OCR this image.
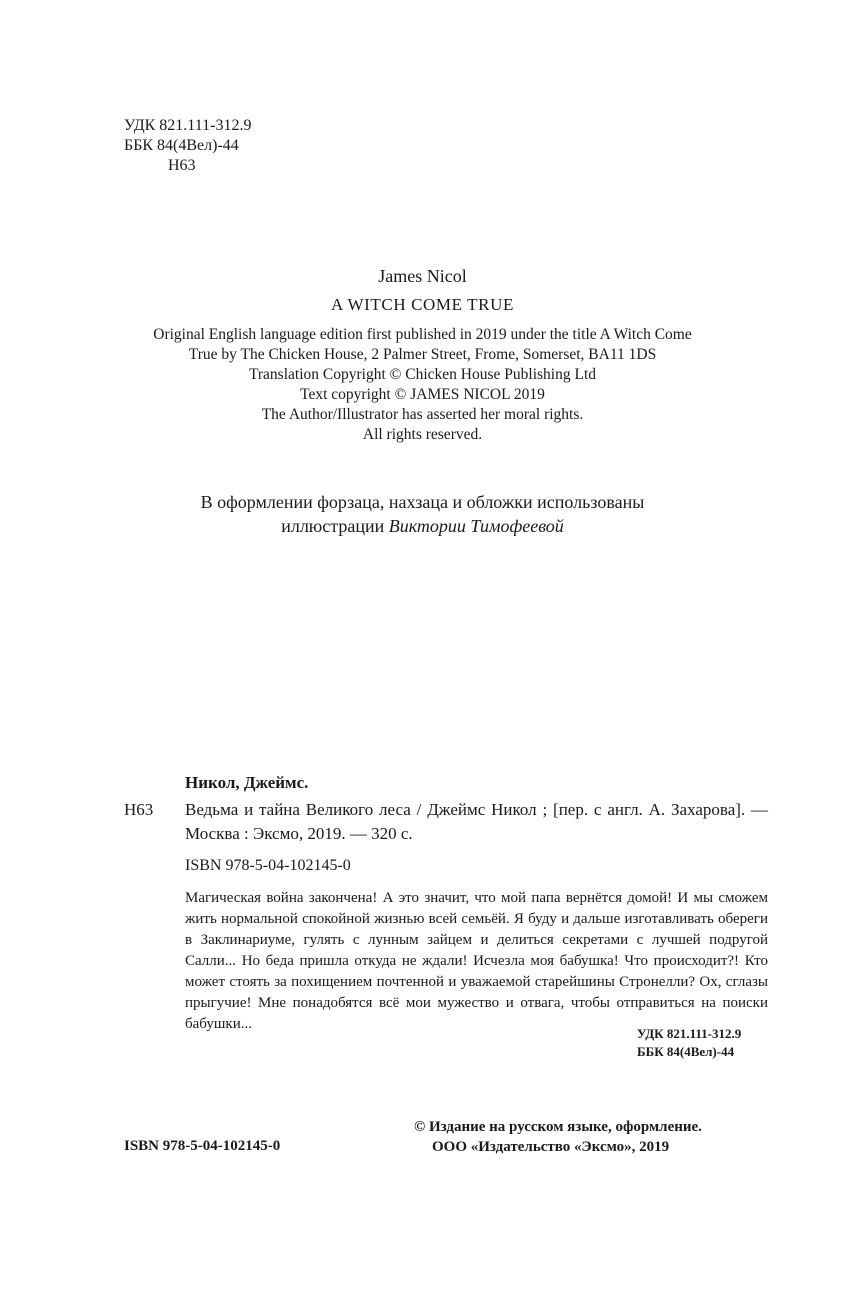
УДК 821.111-312.9
ББК 84(4Вел)-44
Н63
James Nicol
A WITCH COME TRUE
Original English language edition first published in 2019 under the title A Witch Come
True by The Chicken House, 2 Palmer Street, Frome, Somerset, BA11 1DS
Translation Copyright © Chicken House Publishing Ltd
Text copyright © JAMES NICOL 2019
The Author/Illustrator has asserted her moral rights.
All rights reserved.
В оформлении форзаца, нахзаца и обложки использованы
иллюстрации Виктории Тимофеевой
Никол, Джеймс.
Н63 Ведьма и тайна Великого леса / Джеймс Никол ; [пер. с англ. А. Захарова]. — Москва : Эксмо, 2019. — 320 с.
ISBN 978-5-04-102145-0
Магическая война закончена! А это значит, что мой папа вернётся домой! И мы сможем жить нормальной спокойной жизнью всей семьёй. Я буду и дальше изготавливать обереги в Заклинариуме, гулять с лунным зайцем и делиться секретами с лучшей подругой Салли... Но беда пришла откуда не ждали! Исчезла моя бабушка! Что происходит?! Кто может стоять за похищением почтенной и уважаемой старейшины Стронелли? Ох, сглазы прыгучие! Мне понадобятся всё мои мужество и отвага, чтобы отправиться на поиски бабушки...
УДК 821.111-312.9
ББК 84(4Вел)-44
ISBN 978-5-04-102145-0
© Издание на русском языке, оформление.
ООО «Издательство «Эксмо», 2019
